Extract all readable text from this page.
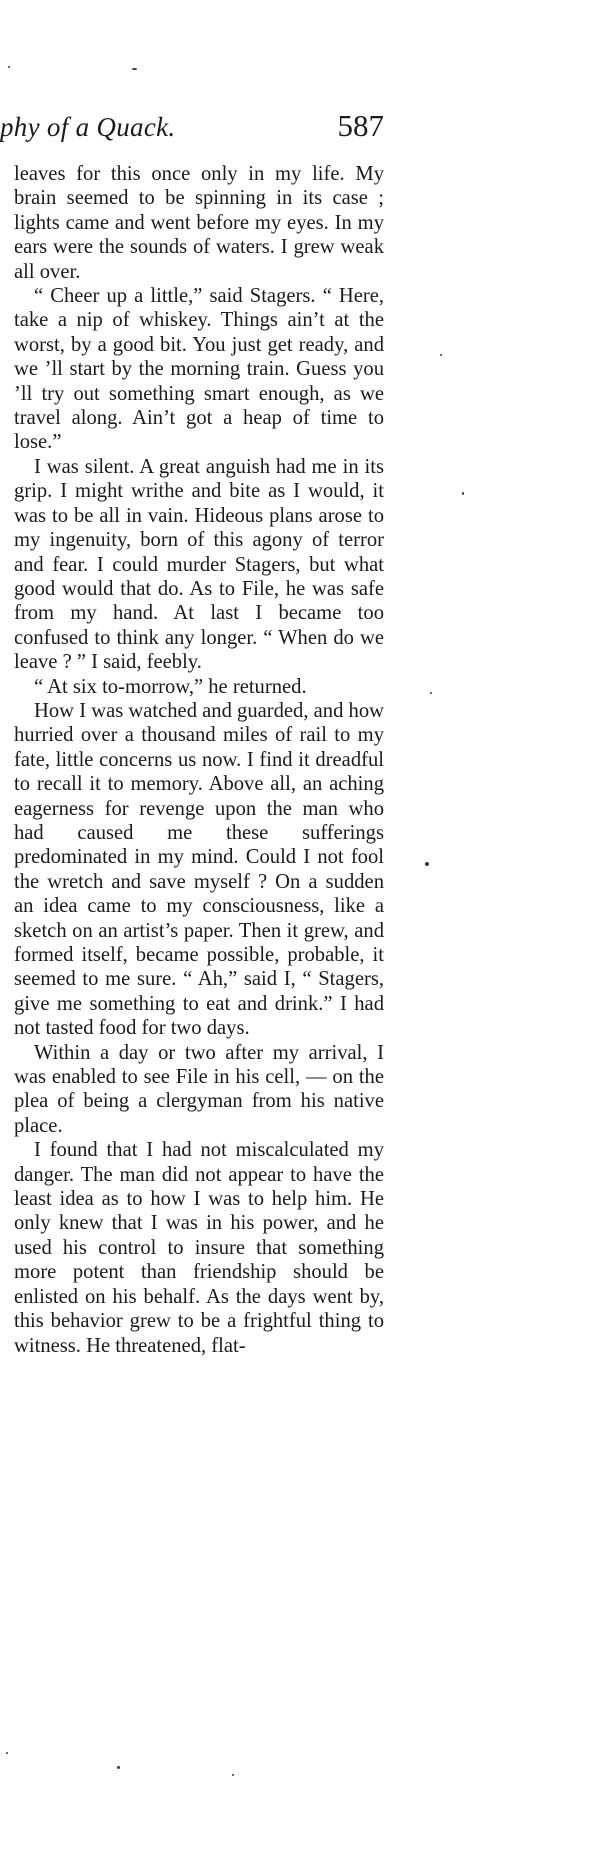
phy of a Quack.	587

leaves for this once only in my life. My brain seemed to be spinning in its case ; lights came and went before my eyes. In my ears were the sounds of waters. I grew weak all over.

“ Cheer up a little,” said Stagers. “ Here, take a nip of whiskey. Things ain’t at the worst, by a good bit. You just get ready, and we ’ll start by the morning train. Guess you ’ll try out something smart enough, as we travel along. Ain’t got a heap of time to lose.”

I was silent. A great anguish had me in its grip. I might writhe and bite as I would, it was to be all in vain. Hideous plans arose to my ingenuity, born of this agony of terror and fear. I could murder Stagers, but what good would that do. As to File, he was safe from my hand. At last I became too confused to think any longer. “ When do we leave ? ” I said, feebly.

“ At six to-morrow,” he returned.

How I was watched and guarded, and how hurried over a thousand miles of rail to my fate, little concerns us now. I find it dreadful to recall it to memory. Above all, an aching eagerness for revenge upon the man who had caused me these sufferings predominated in my mind. Could I not fool the wretch and save myself ? On a sudden an idea came to my consciousness, like a sketch on an artist’s paper. Then it grew, and formed itself, became possible, probable, it seemed to me sure. “ Ah,” said I, “ Stagers, give me something to eat and drink.” I had not tasted food for two days.

Within a day or two after my arrival, I was enabled to see File in his cell, — on the plea of being a clergyman from his native place.

I found that I had not miscalculated my danger. The man did not appear to have the least idea as to how I was to help him. He only knew that I was in his power, and he used his control to insure that something more potent than friendship should be enlisted on his behalf. As the days went by, this behavior grew to be a frightful thing to witness. He threatened, flat-
